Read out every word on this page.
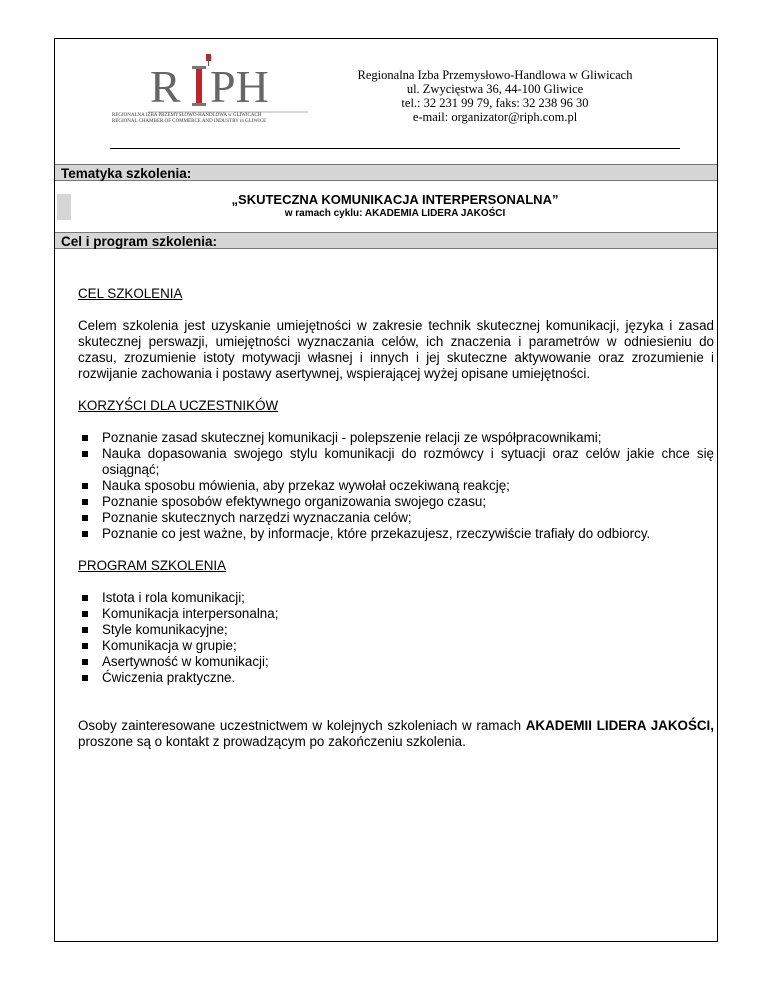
R PH
REGIONALNA IZBA PRZEMYSŁOWO-HANDLOWA w GLIWICACH
REGIONAL CHAMBER OF COMMERCE AND INDUSTRY in GLIWICE
Regionalna Izba Przemysłowo-Handlowa w Gliwicach
ul. Zwycięstwa 36, 44-100 Gliwice
tel.: 32 231 99 79, faks: 32 238 96 30
e-mail: organizator@riph.com.pl
Tematyka szkolenia:
„SKUTECZNA KOMUNIKACJA INTERPERSONALNA”
w ramach cyklu: AKADEMIA LIDERA JAKOŚCI
Cel i program szkolenia:

CEL SZKOLENIA

Celem szkolenia jest uzyskanie umiejętności w zakresie technik skutecznej komunikacji, języka i zasad skutecznej perswazji, umiejętności wyznaczania celów, ich znaczenia i parametrów w odniesieniu do czasu, zrozumienie istoty motywacji własnej i innych i jej skuteczne aktywowanie oraz zrozumienie i rozwijanie zachowania i postawy asertywnej, wspierającej wyżej opisane umiejętności.

KORZYŚCI DLA UCZESTNIKÓW

Poznanie zasad skutecznej komunikacji - polepszenie relacji ze współpracownikami;
Nauka dopasowania swojego stylu komunikacji do rozmówcy i sytuacji oraz celów jakie chce się osiągnąć;
Nauka sposobu mówienia, aby przekaz wywołał oczekiwaną reakcję;
Poznanie sposobów efektywnego organizowania swojego czasu;
Poznanie skutecznych narzędzi wyznaczania celów;
Poznanie co jest ważne, by informacje, które przekazujesz, rzeczywiście trafiały do odbiorcy.

PROGRAM SZKOLENIA

Istota i rola komunikacji;
Komunikacja interpersonalna;
Style komunikacyjne;
Komunikacja w grupie;
Asertywność w komunikacji;
Ćwiczenia praktyczne.

Osoby zainteresowane uczestnictwem w kolejnych szkoleniach w ramach AKADEMII LIDERA JAKOŚCI, proszone są o kontakt z prowadzącym po zakończeniu szkolenia.
